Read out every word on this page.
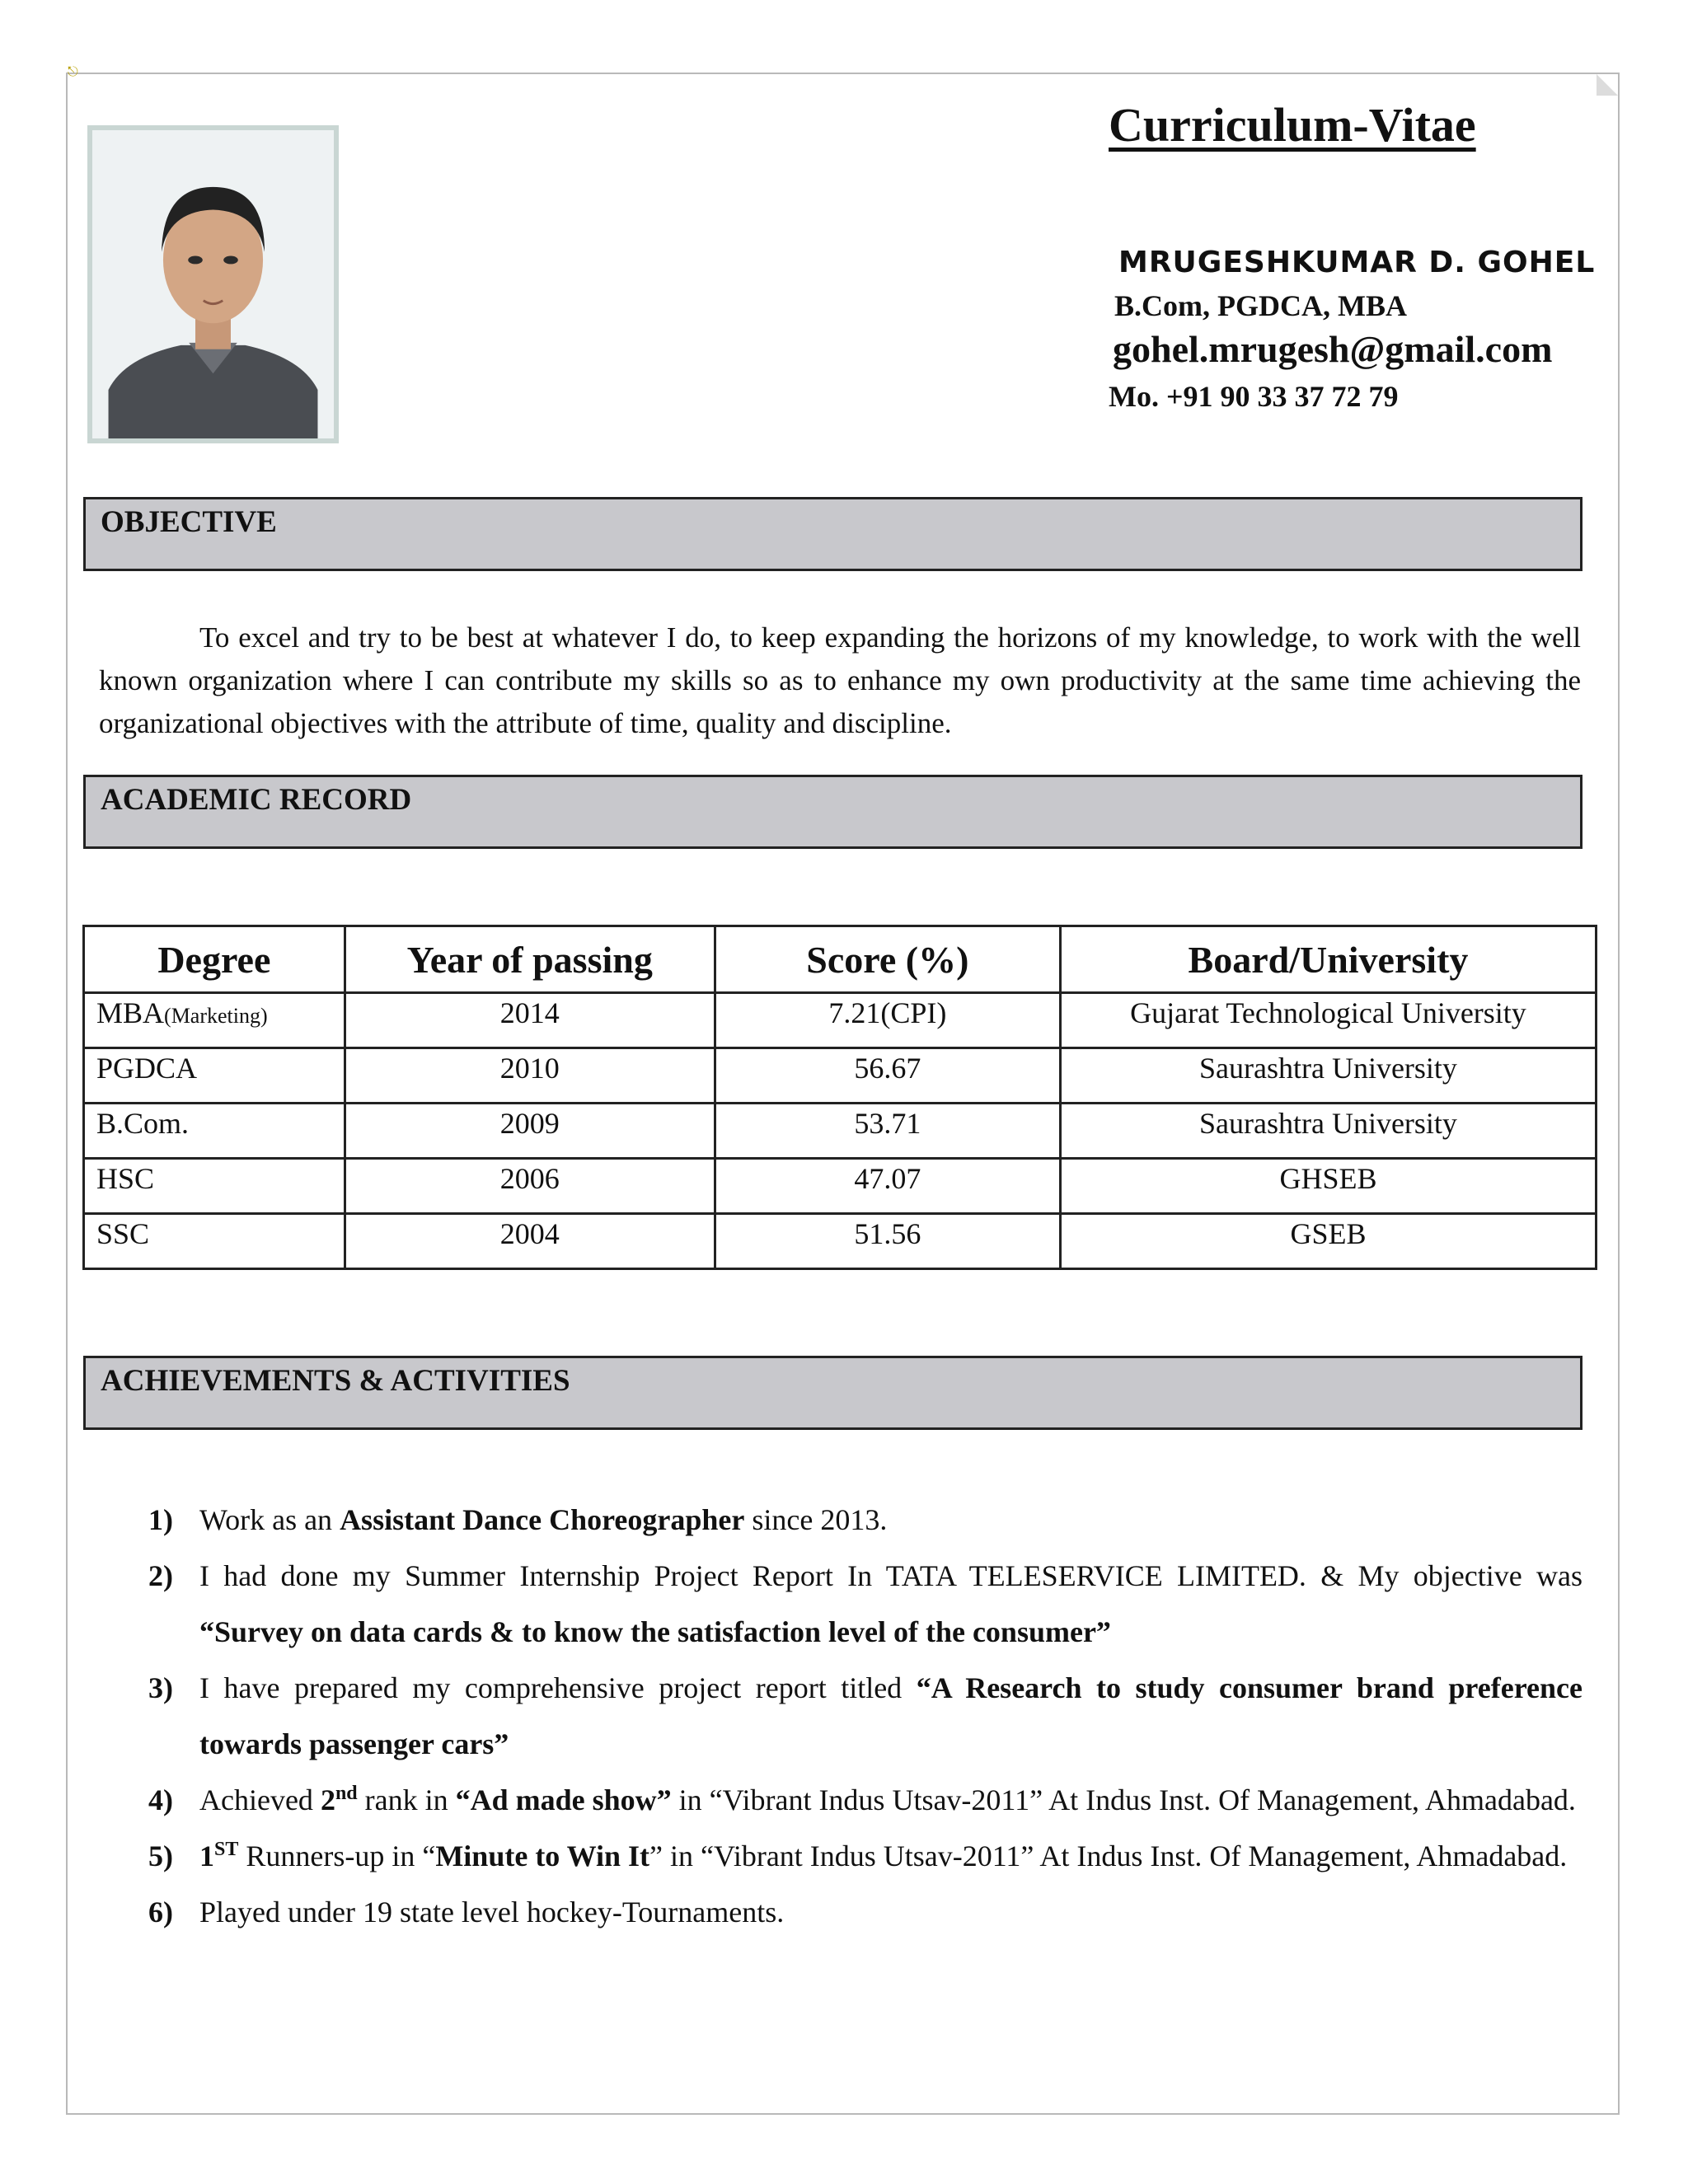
⎋
Curriculum-Vitae
MRUGESHKUMAR D. GOHEL
B.Com, PGDCA, MBA
gohel.mrugesh@gmail.com
Mo. +91 90 33 37 72 79
OBJECTIVE
To excel and try to be best at whatever I do, to keep expanding the horizons of my knowledge, to work with the well known organization where I can contribute my skills so as to enhance my own productivity at the same time achieving the organizational objectives with the attribute of time, quality and discipline.
ACADEMIC RECORD
Degree	Year of passing	Score (%)	Board/University
MBA(Marketing)	2014	7.21(CPI)	Gujarat Technological University
PGDCA	2010	56.67	Saurashtra University
B.Com.	2009	53.71	Saurashtra University
HSC	2006	47.07	GHSEB
SSC	2004	51.56	GSEB
ACHIEVEMENTS & ACTIVITIES
1) Work as an Assistant Dance Choreographer since 2013.
2) I had done my Summer Internship Project Report In TATA TELESERVICE LIMITED. & My objective was “Survey on data cards & to know the satisfaction level of the consumer”
3) I have prepared my comprehensive project report titled “A Research to study consumer brand preference towards passenger cars”
4) Achieved 2nd rank in “Ad made show” in “Vibrant Indus Utsav-2011” At Indus Inst. Of Management, Ahmadabad.
5) 1ST Runners-up in “Minute to Win It” in “Vibrant Indus Utsav-2011” At Indus Inst. Of Management, Ahmadabad.
6) Played under 19 state level hockey-Tournaments.
